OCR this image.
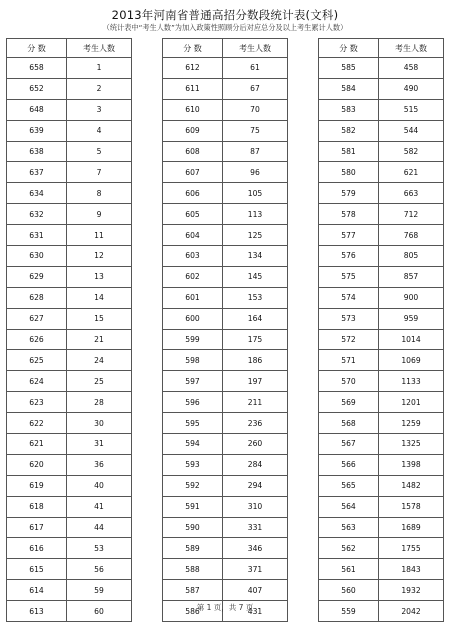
2013年河南省普通高招分数段统计表(文科)
（统计表中“考生人数”为加入政策性照顾分后对应总分及以上考生累计人数）
分 数	考生人数
658	1
652	2
648	3
639	4
638	5
637	7
634	8
632	9
631	11
630	12
629	13
628	14
627	15
626	21
625	24
624	25
623	28
622	30
621	31
620	36
619	40
618	41
617	44
616	53
615	56
614	59
613	60
分 数	考生人数
612	61
611	67
610	70
609	75
608	87
607	96
606	105
605	113
604	125
603	134
602	145
601	153
600	164
599	175
598	186
597	197
596	211
595	236
594	260
593	284
592	294
591	310
590	331
589	346
588	371
587	407
586	431
分 数	考生人数
585	458
584	490
583	515
582	544
581	582
580	621
579	663
578	712
577	768
576	805
575	857
574	900
573	959
572	1014
571	1069
570	1133
569	1201
568	1259
567	1325
566	1398
565	1482
564	1578
563	1689
562	1755
561	1843
560	1932
559	2042
第 1 页，共 7 页
